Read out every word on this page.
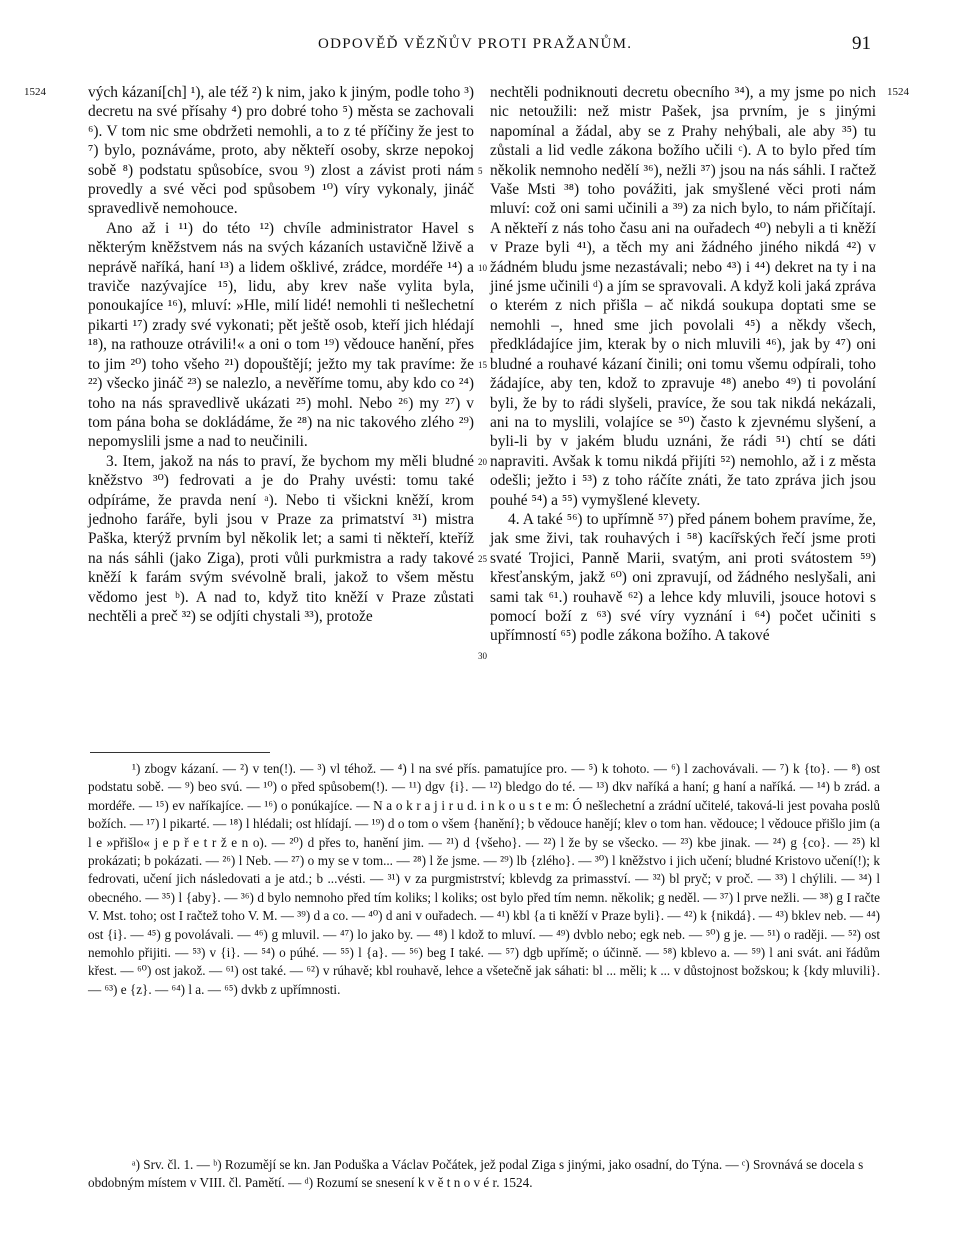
ODPOVĚĎ VĚZŇŮV PROTI PRAŽANŮM.	91
1524	1524
5
10
15
20
25
30

vých kázaní[ch] ¹), ale též ²) k nim, jako k jiným, podle toho ³) decretu na své přísahy ⁴) pro dobré toho ⁵) města se zachovali ⁶). V tom nic sme obdržeti nemohli, a to z té příčiny že jest to ⁷) bylo, poznáváme, proto, aby někteří osoby, skrze nepokoj sobě ⁸) podstatu spůsobíce, svou ⁹) zlost a závist proti nám provedly a své věci pod spůsobem ¹⁰) víry vykonaly, jináč spravedlivě nemohouce.

Ano až i ¹¹) do této ¹²) chvíle administrator Havel s některým kněžstvem nás na svých kázaních ustavičně lživě a neprávě naříká, haní ¹³) a lidem ošklivé, zrádce, mordéře ¹⁴) a traviče nazývajíce ¹⁵), lidu, aby krev naše vylita byla, ponoukajíce ¹⁶), mluví: »Hle, milí lidé! nemohli ti nešlechetní pikarti ¹⁷) zrady své vykonati; pět ještě osob, kteří jich hlédají ¹⁸), na rathouze otrávili!« a oni o tom ¹⁹) vědouce hanění, přes to jim ²⁰) toho všeho ²¹) dopouštějí; ježto my tak pravíme: že ²²) všecko jináč ²³) se nalezlo, a nevěříme tomu, aby kdo co ²⁴) toho na nás spravedlivě ukázati ²⁵) mohl. Nebo ²⁶) my ²⁷) v tom pána boha se dokládáme, že ²⁸) na nic takového zlého ²⁹) nepomyslili jsme a nad to neučinili.

3. Item, jakož na nás to praví, že bychom my měli bludné kněžstvo ³⁰) fedrovati a je do Prahy uvésti: tomu také odpíráme, že pravda není ᵃ). Nebo ti všickni kněží, krom jednoho faráře, byli jsou v Praze za primatství ³¹) mistra Paška, kterýž prvním byl několik let; a sami ti někteří, kteříž na nás sáhli (jako Ziga), proti vůli purkmistra a rady takové kněží k farám svým svévolně brali, jakož to všem městu vědomo jest ᵇ). A nad to, když tito kněží v Praze zůstati nechtěli a preč ³²) se odjíti chystali ³³), protože

nechtěli podniknouti decretu obecního ³⁴), a my jsme po nich nic netoužili: než mistr Pašek, jsa prvním, je s jinými napomínal a žádal, aby se z Prahy nehýbali, ale aby ³⁵) tu zůstali a lid vedle zákona božího učili ᶜ). A to bylo před tím několik nemnoho nedělí ³⁶), nežli ³⁷) jsou na nás sáhli. I račtež Vaše Msti ³⁸) toho povážiti, jak smyšlené věci proti nám mluví: což oni sami učinili a ³⁹) za nich bylo, to nám přičítají. A někteří z nás toho času ani na ouřadech ⁴⁰) nebyli a ti kněží v Praze byli ⁴¹), a těch my ani žádného jiného nikdá ⁴²) v žádném bludu jsme nezastávali; nebo ⁴³) i ⁴⁴) dekret na ty i na jiné jsme učinili ᵈ) a jím se spravovali. A když koli jaká zpráva o kterém z nich přišla – ač nikdá soukupa doptati sme se nemohli –, hned sme jich povolali ⁴⁵) a někdy všech, předkládajíce jim, kterak by o nich mluvili ⁴⁶), jak by ⁴⁷) oni bludné a rouhavé kázaní činili; oni tomu všemu odpírali, toho žádajíce, aby ten, kdož to zpravuje ⁴⁸) anebo ⁴⁹) ti povolání byli, že by to rádi slyšeli, pravíce, že sou tak nikdá nekázali, ani na to myslili, volajíce se ⁵⁰) často k zjevnému slyšení, a byli-li by v jakém bludu uznáni, že rádi ⁵¹) chtí se dáti napraviti. Avšak k tomu nikdá přijíti ⁵²) nemohlo, až i z města odešli; ježto i ⁵³) z toho ráčíte znáti, že tato zpráva jich jsou pouhé ⁵⁴) a ⁵⁵) vymyšlené klevety.

4. A také ⁵⁶) to upřímně ⁵⁷) před pánem bohem pravíme, že, jak sme živi, tak rouhavých i ⁵⁸) kacířských řečí jsme proti svaté Trojici, Panně Marii, svatým, ani proti svátostem ⁵⁹) křesťanským, jakž ⁶⁰) oni zpravují, od žádného neslyšali, ani sami tak ⁶¹.) rouhavě ⁶²) a lehce kdy mluvili, jsouce hotovi s pomocí boží z ⁶³) své víry vyznání i ⁶⁴) počet učiniti s upřímností ⁶⁵) podle zákona božího. A takové

¹) zbogv kázaní. — ²) v ten(!). — ³) vl téhož. — ⁴) l na své přís. pamatujíce pro. — ⁵) k tohoto. — ⁶) l zachovávali. — ⁷) k {to}. — ⁸) ost podstatu sobě. — ⁹) beo svú. — ¹⁰) o před spůsobem(!). — ¹¹) dgv {i}. — ¹²) bledgo do té. — ¹³) dkv naříká a haní; g haní a naříká. — ¹⁴) b zrád. a mordéře. — ¹⁵) ev naříkajíce. — ¹⁶) o ponúkajíce. — N a o k r a j i r u d. i n k o u s t e m: Ó nešlechetní a zrádní učitelé, taková-li jest povaha poslů božích. — ¹⁷) l pikarté. — ¹⁸) l hlédali; ost hlídají. — ¹⁹) d o tom o všem {hanění}; b vědouce hanějí; klev o tom han. vědouce; l vědouce přišlo jim (a l e »přišlo« j e p ř e t r ž e n o). — ²⁰) d přes to, hanění jim. — ²¹) d {všeho}. — ²²) l že by se všecko. — ²³) kbe jinak. — ²⁴) g {co}. — ²⁵) kl prokázati; b pokázati. — ²⁶) l Neb. — ²⁷) o my se v tom... — ²⁸) l že jsme. — ²⁹) lb {zlého}. — ³⁰) l kněžstvo i jich učení; bludné Kristovo učení(!); k fedrovati, učení jich následovati a je atd.; b ...vésti. — ³¹) v za purgmistrství; kblevdg za primasství. — ³²) bl pryč; v proč. — ³³) l chýlili. — ³⁴) l obecného. — ³⁵) l {aby}. — ³⁶) d bylo nemnoho před tím koliks; l koliks; ost bylo před tím nemn. několik; g neděl. — ³⁷) l prve nežli. — ³⁸) g I račte V. Mst. toho; ost I račtež toho V. M. — ³⁹) d a co. — ⁴⁰) d ani v ouřadech. — ⁴¹) kbl {a ti kněží v Praze byli}. — ⁴²) k {nikdá}. — ⁴³) bklev neb. — ⁴⁴) ost {i}. — ⁴⁵) g povolávali. — ⁴⁶) g mluvil. — ⁴⁷) lo jako by. — ⁴⁸) l kdož to mluví. — ⁴⁹) dvblo nebo; egk neb. — ⁵⁰) g je. — ⁵¹) o raději. — ⁵²) ost nemohlo přijiti. — ⁵³) v {i}. — ⁵⁴) o púhé. — ⁵⁵) l {a}. — ⁵⁶) beg I také. — ⁵⁷) dgb upřímě; o účinně. — ⁵⁸) kblevo a. — ⁵⁹) l ani svát. ani řádům křest. — ⁶⁰) ost jakož. — ⁶¹) ost také. — ⁶²) v rúhavě; kbl rouhavě, lehce a všetečně jak sáhati: bl ... měli; k ... v důstojnost božskou; k {kdy mluvili}. — ⁶³) e {z}. — ⁶⁴) l a. — ⁶⁵) dvkb z upřímnosti.

ᵃ) Srv. čl. 1. — ᵇ) Rozumějí se kn. Jan Poduška a Václav Počátek, jež podal Ziga s jinými, jako osadní, do Týna. — ᶜ) Srovnává se docela s obdobným místem v VIII. čl. Pamětí. — ᵈ) Rozumí se snesení k v ě t n o v é r. 1524.
